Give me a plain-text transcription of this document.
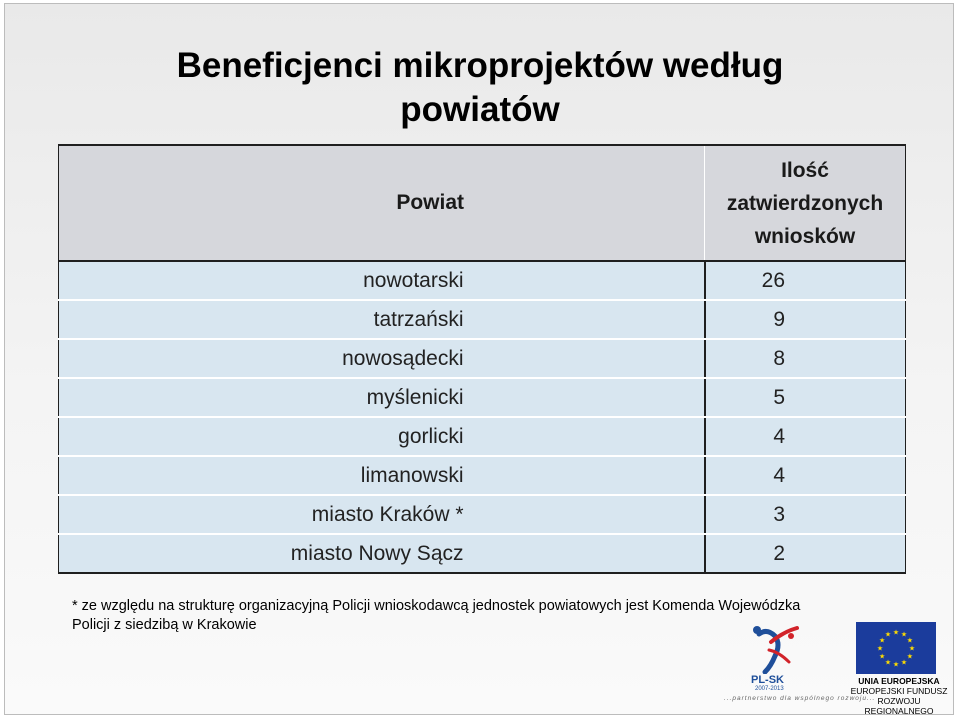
Beneficjenci mikroprojektów według powiatów
Powiat	Ilość zatwierdzonych wniosków
nowotarski	26
tatrzański	9
nowosądecki	8
myślenicki	5
gorlicki	4
limanowski	4
miasto Kraków *	3
miasto Nowy Sącz	2
* ze względu na strukturę organizacyjną Policji wnioskodawcą jednostek powiatowych jest Komenda Wojewódzka Policji z siedzibą w Krakowie
PL-SK
2007-2013
...partnerstwo dla wspólnego rozwoju...
★ ★
★
★
★
★
★
★
★
★
★
★
UNIA EUROPEJSKA
EUROPEJSKI FUNDUSZ
ROZWOJU REGIONALNEGO
